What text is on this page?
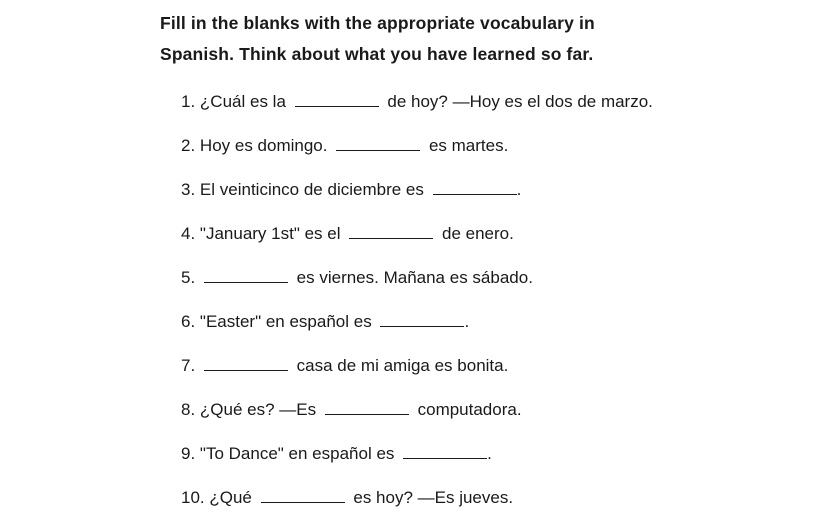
Fill in the blanks with the appropriate vocabulary in
Spanish. Think about what you have learned so far.
1. ¿Cuál es la	de hoy? —Hoy es el dos de marzo.
2. Hoy es domingo.	es martes.
3. El veinticinco de diciembre es	.
4. "January 1st" es el	de enero.
5.	es viernes. Mañana es sábado.
6. "Easter" en español es	.
7.	casa de mi amiga es bonita.
8. ¿Qué es? —Es	computadora.
9. "To Dance" en español es	.
10. ¿Qué	es hoy? —Es jueves.
